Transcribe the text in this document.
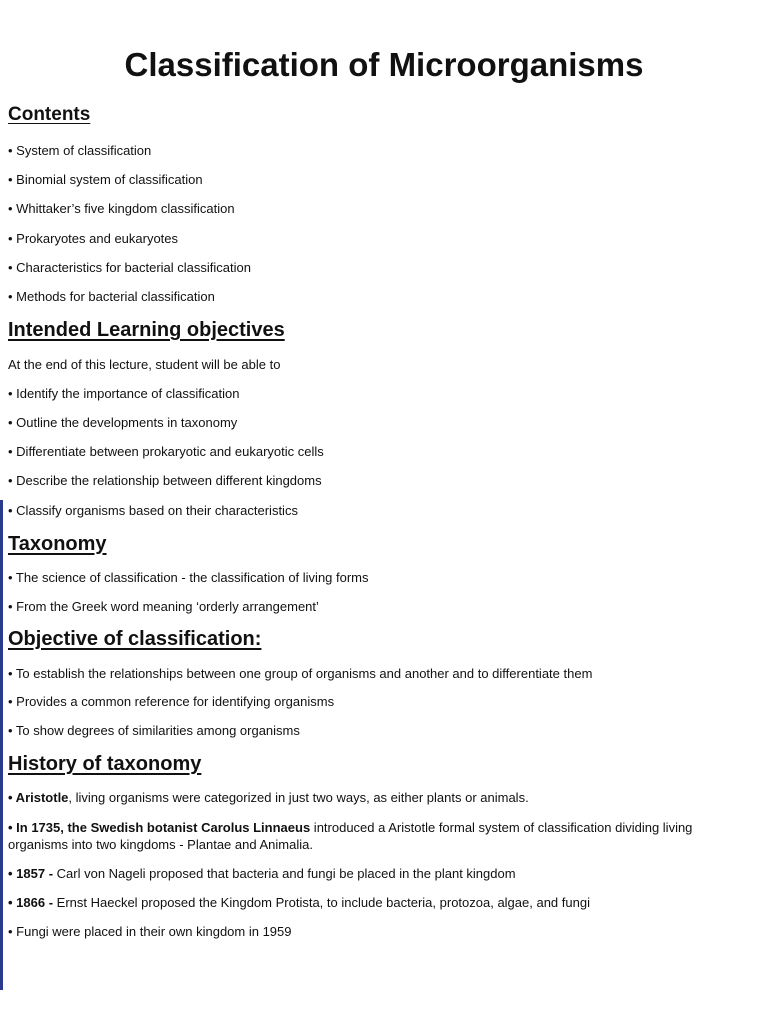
Classification of Microorganisms
Contents
• System of classification
• Binomial system of classification
• Whittaker’s five kingdom classification
• Prokaryotes and eukaryotes
• Characteristics for bacterial classification
• Methods for bacterial classification
Intended Learning objectives
At the end of this lecture, student will be able to
• Identify the importance of classification
• Outline the developments in taxonomy
• Differentiate between prokaryotic and eukaryotic cells
• Describe the relationship between different kingdoms
• Classify organisms based on their characteristics
Taxonomy
• The science of classification - the classification of living forms
• From the Greek word meaning ‘orderly arrangement’
Objective of classification:
• To establish the relationships between one group of organisms and another and to differentiate them
• Provides a common reference for identifying organisms
• To show degrees of similarities among organisms
History of taxonomy
• Aristotle, living organisms were categorized in just two ways, as either plants or animals.
• In 1735, the Swedish botanist Carolus Linnaeus introduced a Aristotle formal system of classification dividing living organisms into two kingdoms - Plantae and Animalia.
• 1857 - Carl von Nageli proposed that bacteria and fungi be placed in the plant kingdom
• 1866 - Ernst Haeckel proposed the Kingdom Protista, to include bacteria, protozoa, algae, and fungi
• Fungi were placed in their own kingdom in 1959
